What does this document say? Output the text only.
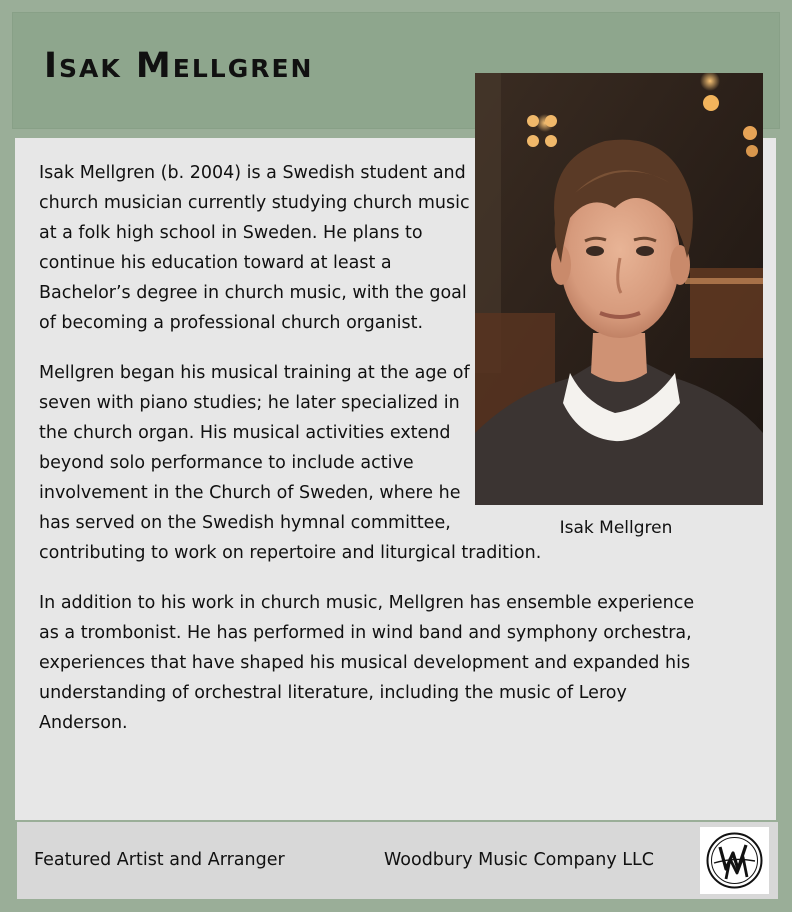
Isak Mellgren
Isak Mellgren

Isak Mellgren (b. 2004) is a Swedish student and church musician currently studying church music at a folk high school in Sweden. He plans to continue his education toward at least a Bachelor’s degree in church music, with the goal of becoming a professional church organist.

Mellgren began his musical training at the age of seven with piano studies; he later specialized in the church organ. His musical activities extend beyond solo performance to include active involvement in the Church of Sweden, where he has served on the Swedish hymnal committee, contributing to work on repertoire and liturgical tradition.

In addition to his work in church music, Mellgren has ensemble experience as a trombonist. He has performed in wind band and symphony orchestra, experiences that have shaped his musical development and expanded his understanding of orchestral literature, including the music of Leroy Anderson.

Featured Artist and Arranger	Woodbury Music Company LLC
